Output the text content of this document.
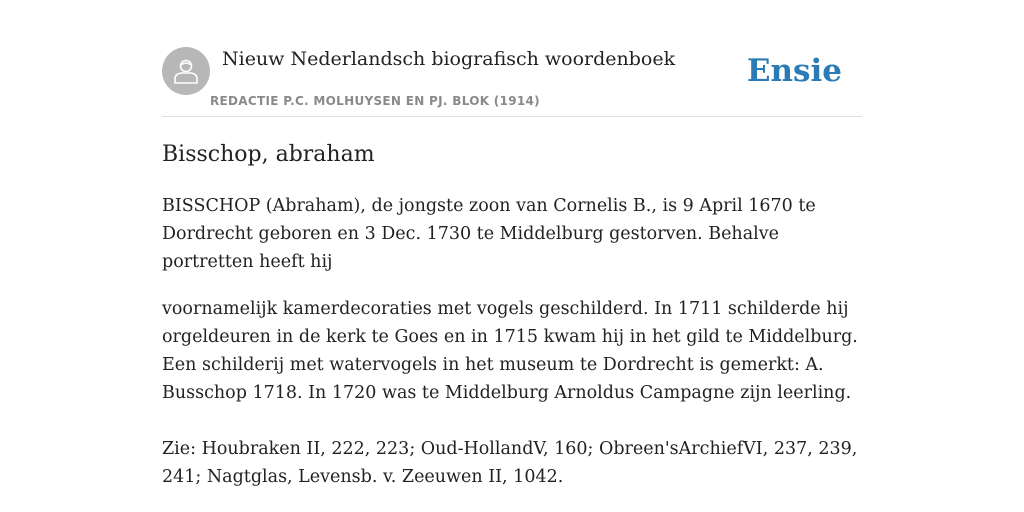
Nieuw Nederlandsch biografisch woordenboek
REDACTIE P.C. MOLHUYSEN EN PJ. BLOK (1914)
Ensie
Bisschop, abraham

BISSCHOP (Abraham), de jongste zoon van Cornelis B., is 9 April 1670 te Dordrecht geboren en 3 Dec. 1730 te Middelburg gestorven. Behalve portretten heeft hij

voornamelijk kamerdecoraties met vogels geschilderd. In 1711 schilderde hij orgeldeuren in de kerk te Goes en in 1715 kwam hij in het gild te Middelburg. Een schilderij met watervogels in het museum te Dordrecht is gemerkt: A. Busschop 1718. In 1720 was te Middelburg Arnoldus Campagne zijn leerling.

Zie: Houbraken II, 222, 223; Oud-HollandV, 160; Obreen'sArchiefVI, 237, 239, 241; Nagtglas, Levensb. v. Zeeuwen II, 1042.
